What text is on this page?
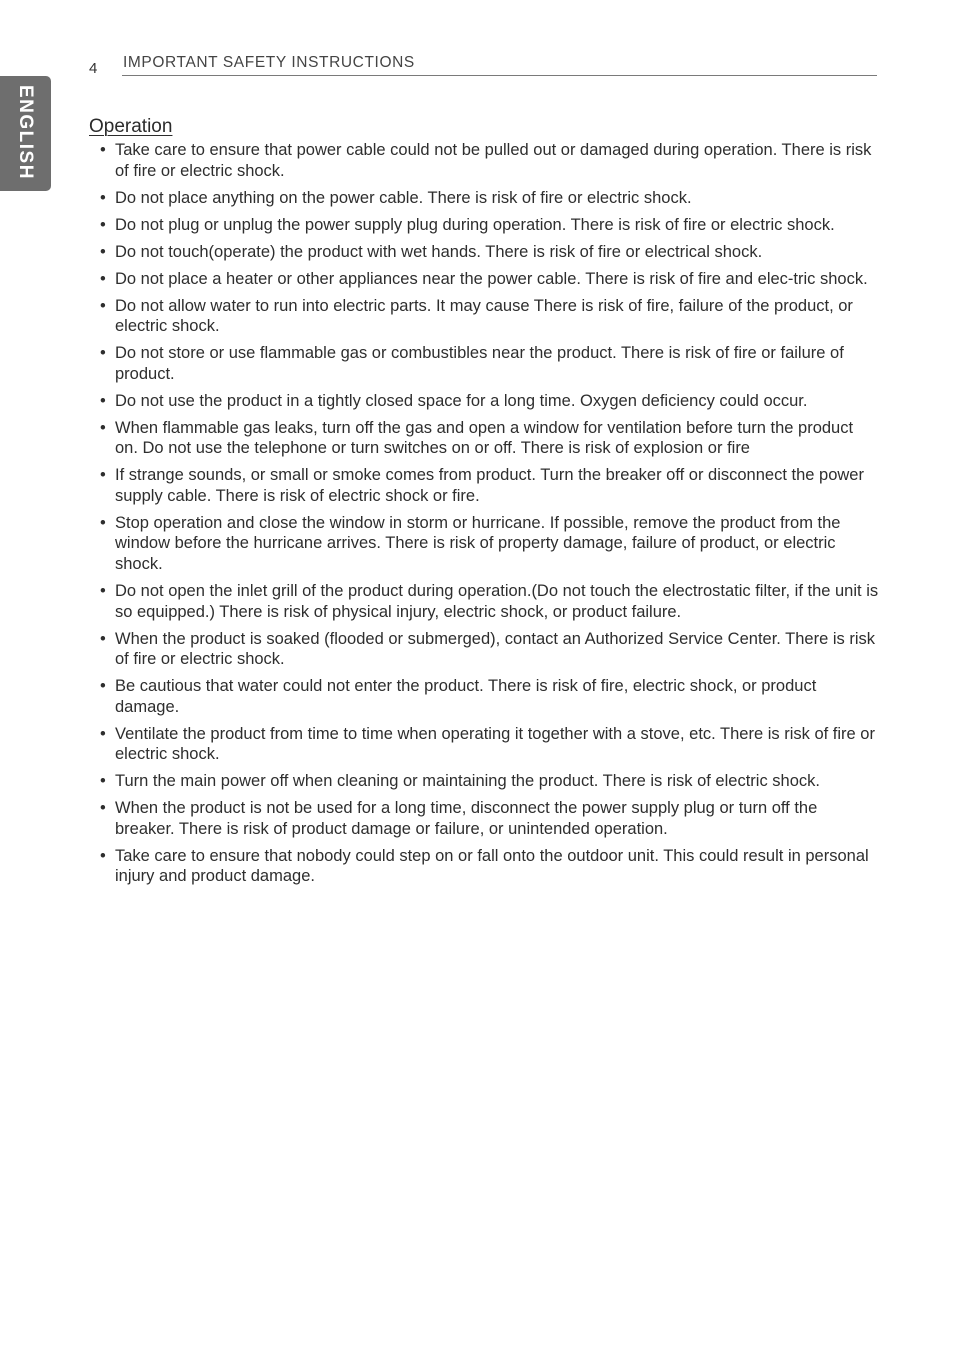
4 IMPORTANT SAFETY INSTRUCTIONS
ENGLISH	Operation
• Take care to ensure that power cable could not be pulled out or damaged during operation. There is risk of fire or electric shock.
• Do not place anything on the power cable. There is risk of fire or electric shock.
• Do not plug or unplug the power supply plug during operation. There is risk of fire or electric shock.
• Do not touch(operate) the product with wet hands. There is risk of fire or electrical shock.
• Do not place a heater or other appliances near the power cable. There is risk of fire and elec-tric shock.
• Do not allow water to run into electric parts. It may cause There is risk of fire, failure of the product, or electric shock.
• Do not store or use flammable gas or combustibles near the product. There is risk of fire or failure of product.
• Do not use the product in a tightly closed space for a long time. Oxygen deficiency could occur.
• When flammable gas leaks, turn off the gas and open a window for ventilation before turn the product on. Do not use the telephone or turn switches on or off. There is risk of explosion or fire
• If strange sounds, or small or smoke comes from product. Turn the breaker off or disconnect the power supply cable. There is risk of electric shock or fire.
• Stop operation and close the window in storm or hurricane. If possible, remove the product from the window before the hurricane arrives. There is risk of property damage, failure of product, or electric shock.
• Do not open the inlet grill of the product during operation.(Do not touch the electrostatic filter, if the unit is so equipped.) There is risk of physical injury, electric shock, or product failure.
• When the product is soaked (flooded or submerged), contact an Authorized Service Center. There is risk of fire or electric shock.
• Be cautious that water could not enter the product. There is risk of fire, electric shock, or product damage.
• Ventilate the product from time to time when operating it together with a stove, etc. There is risk of fire or electric shock.
• Turn the main power off when cleaning or maintaining the product. There is risk of electric shock.
• When the product is not be used for a long time, disconnect the power supply plug or turn off the breaker. There is risk of product damage or failure, or unintended operation.
• Take care to ensure that nobody could step on or fall onto the outdoor unit. This could result in personal injury and product damage.
